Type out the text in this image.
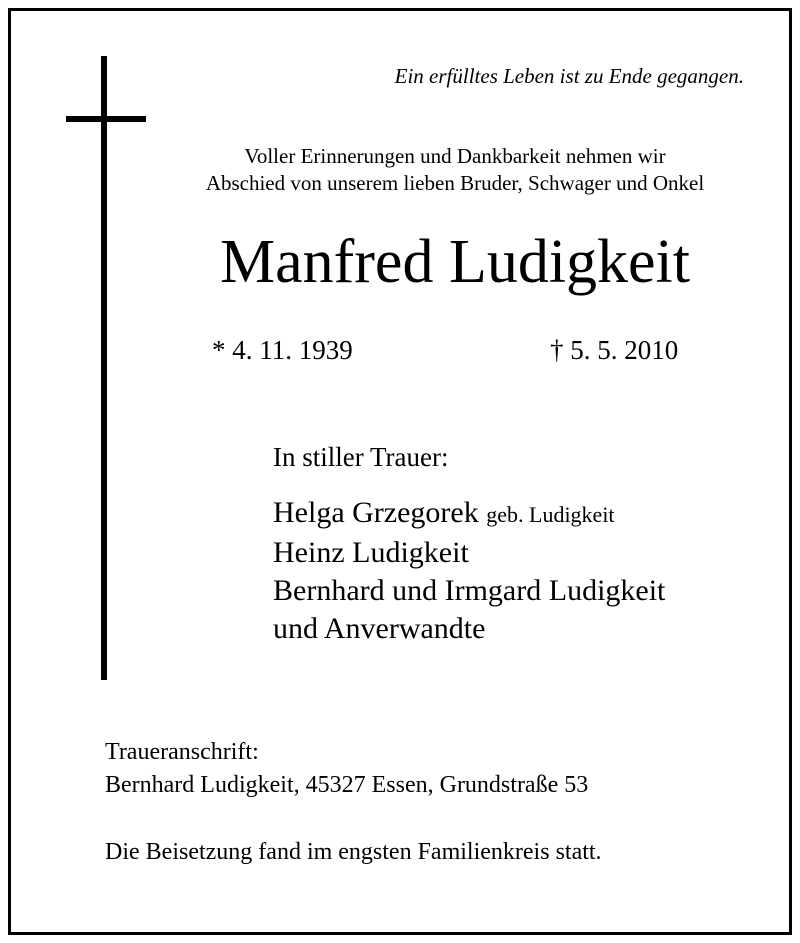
Ein erfülltes Leben ist zu Ende gegangen.
Voller Erinnerungen und Dankbarkeit nehmen wir
Abschied von unserem lieben Bruder, Schwager und Onkel
Manfred Ludigkeit
* 4. 11. 1939	† 5. 5. 2010
In stiller Trauer:
Helga Grzegorek geb. Ludigkeit
Heinz Ludigkeit
Bernhard und Irmgard Ludigkeit
und Anverwandte
Traueranschrift:
Bernhard Ludigkeit, 45327 Essen, Grundstraße 53
Die Beisetzung fand im engsten Familienkreis statt.
